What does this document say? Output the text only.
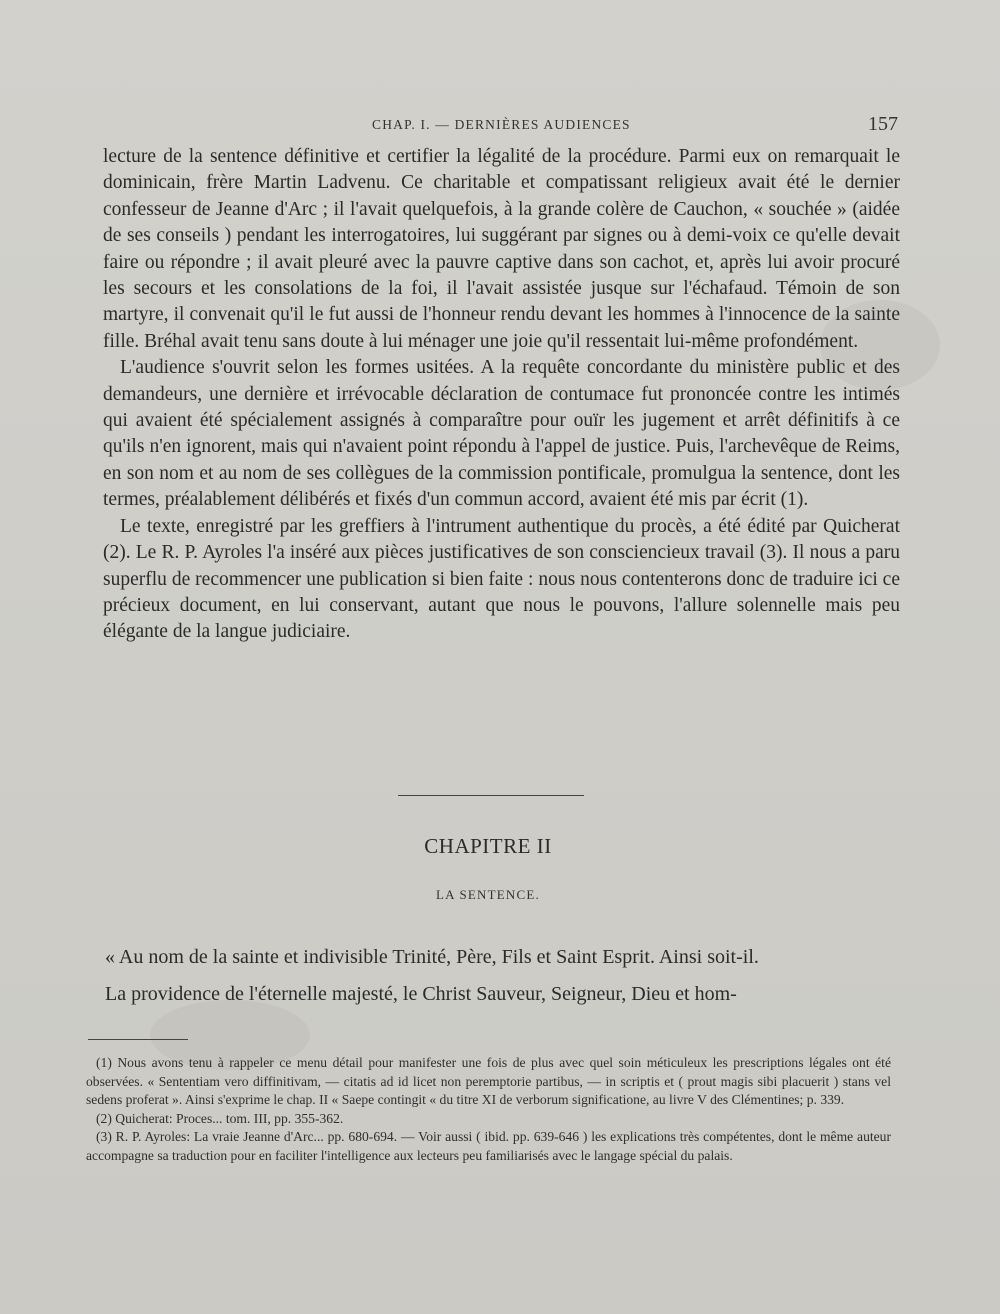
CHAP. I. — DERNIÈRES AUDIENCES	157

lecture de la sentence définitive et certifier la légalité de la procédure. Parmi eux on remarquait le dominicain, frère Martin Ladvenu. Ce charitable et compatissant religieux avait été le dernier confesseur de Jeanne d'Arc ; il l'avait quelquefois, à la grande colère de Cauchon, « souchée » (aidée de ses conseils ) pendant les interrogatoires, lui suggérant par signes ou à demi-voix ce qu'elle devait faire ou répondre ; il avait pleuré avec la pauvre captive dans son cachot, et, après lui avoir procuré les secours et les consolations de la foi, il l'avait assistée jusque sur l'échafaud. Témoin de son martyre, il convenait qu'il le fut aussi de l'honneur rendu devant les hommes à l'innocence de la sainte fille. Bréhal avait tenu sans doute à lui ménager une joie qu'il ressentait lui-même profondément.

L'audience s'ouvrit selon les formes usitées. A la requête concordante du ministère public et des demandeurs, une dernière et irrévocable déclaration de contumace fut prononcée contre les intimés qui avaient été spécialement assignés à comparaître pour ouïr les jugement et arrêt définitifs à ce qu'ils n'en ignorent, mais qui n'avaient point répondu à l'appel de justice. Puis, l'archevêque de Reims, en son nom et au nom de ses collègues de la commission pontificale, promulgua la sentence, dont les termes, préalablement délibérés et fixés d'un commun accord, avaient été mis par écrit (1).

Le texte, enregistré par les greffiers à l'intrument authentique du procès, a été édité par Quicherat (2). Le R. P. Ayroles l'a inséré aux pièces justificatives de son consciencieux travail (3). Il nous a paru superflu de recommencer une publication si bien faite : nous nous contenterons donc de traduire ici ce précieux document, en lui conservant, autant que nous le pouvons, l'allure solennelle mais peu élégante de la langue judiciaire.

CHAPITRE II
LA SENTENCE.

« Au nom de la sainte et indivisible Trinité, Père, Fils et Saint Esprit. Ainsi soit-il.

La providence de l'éternelle majesté, le Christ Sauveur, Seigneur, Dieu et hom-

(1) Nous avons tenu à rappeler ce menu détail pour manifester une fois de plus avec quel soin méticuleux les prescriptions légales ont été observées. « Sententiam vero diffinitivam, — citatis ad id licet non peremptorie partibus, — in scriptis et ( prout magis sibi placuerit ) stans vel sedens proferat ». Ainsi s'exprime le chap. II « Saepe contingit « du titre XI de verborum significatione, au livre V des Clémentines; p. 339.

(2) Quicherat: Proces... tom. III, pp. 355-362.

(3) R. P. Ayroles: La vraie Jeanne d'Arc... pp. 680-694. — Voir aussi ( ibid. pp. 639-646 ) les explications très compétentes, dont le même auteur accompagne sa traduction pour en faciliter l'intelligence aux lecteurs peu familiarisés avec le langage spécial du palais.
